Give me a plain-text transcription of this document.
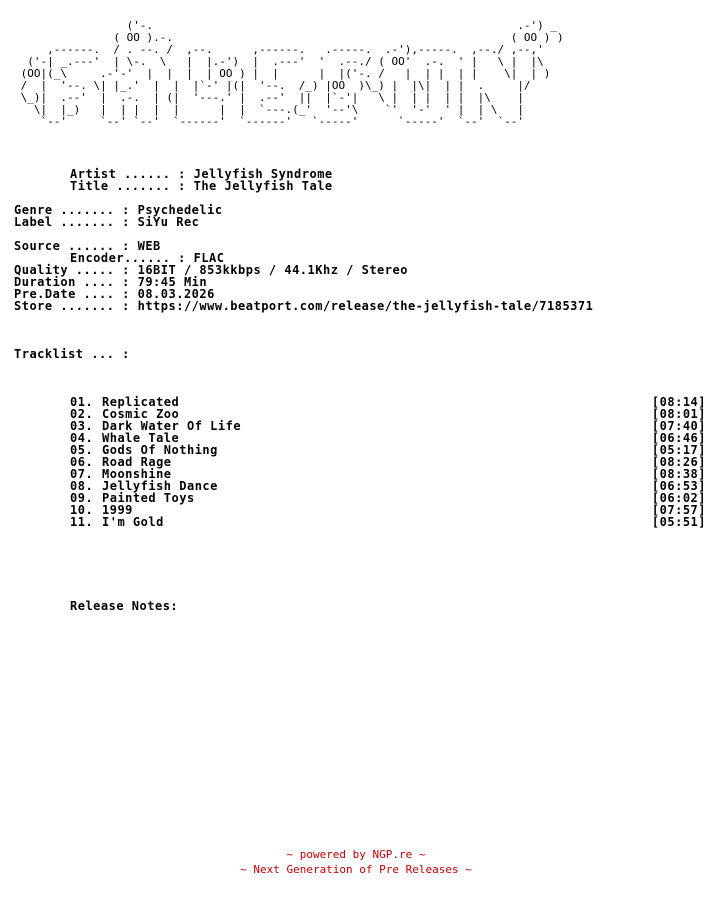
('-.                                                       .-') _
( OO ).-.                                                   ( OO ) )
,------.  / . --. /  ,--.      ,------.   .-----.  .-'),-----.  ,--./ ,--,'
('-| _.---'  | \-.  \   |  |.-')  |  .---'  '  .--./ ( OO'  .-.  ' |   \ |  |\
(OO|(_\     .-'-'  |  |  |  | OO ) |  |      |  |('-. /   |  | |  | |    \|  | )
/  |  '--. \| |_.'  |  |  |`-' |(|  '--.  /_) |OO  )\_) |  |\|  | |  .     |/
\_)|  .--'  |  .-.  | (|  '---.' |  .--'  ||  |`-'|   \ |  | |  | |  |\    |
\|  |_)   |  | |  |  |      |  |  `---.(_'  '--'\    `'  '-'  ' |  | \   |
`--'     `--' `--'  `------'  `------'   `-----'      `-----'  `--'  `--'
Artist ...... : Jellyfish Syndrome
Title ....... : The Jellyfish Tale
Genre ....... : Psychedelic
Label ....... : SiYu Rec
Source ...... : WEB
Encoder...... : FLAC
Quality ..... : 16BIT / 853kkbps / 44.1Khz / Stereo
Duration .... : 79:45 Min
Pre.Date .... : 08.03.2026
Store ....... : https://www.beatport.com/release/the-jellyfish-tale/7185371
Tracklist ... :
01. Replicated	[08:14]
02. Cosmic Zoo	[08:01]
03. Dark Water Of Life	[07:40]
04. Whale Tale	[06:46]
05. Gods Of Nothing	[05:17]
06. Road Rage	[08:26]
07. Moonshine	[08:38]
08. Jellyfish Dance	[06:53]
09. Painted Toys	[06:02]
10. 1999	[07:57]
11. I'm Gold	[05:51]
Release Notes:
~ powered by NGP.re ~
~ Next Generation of Pre Releases ~
